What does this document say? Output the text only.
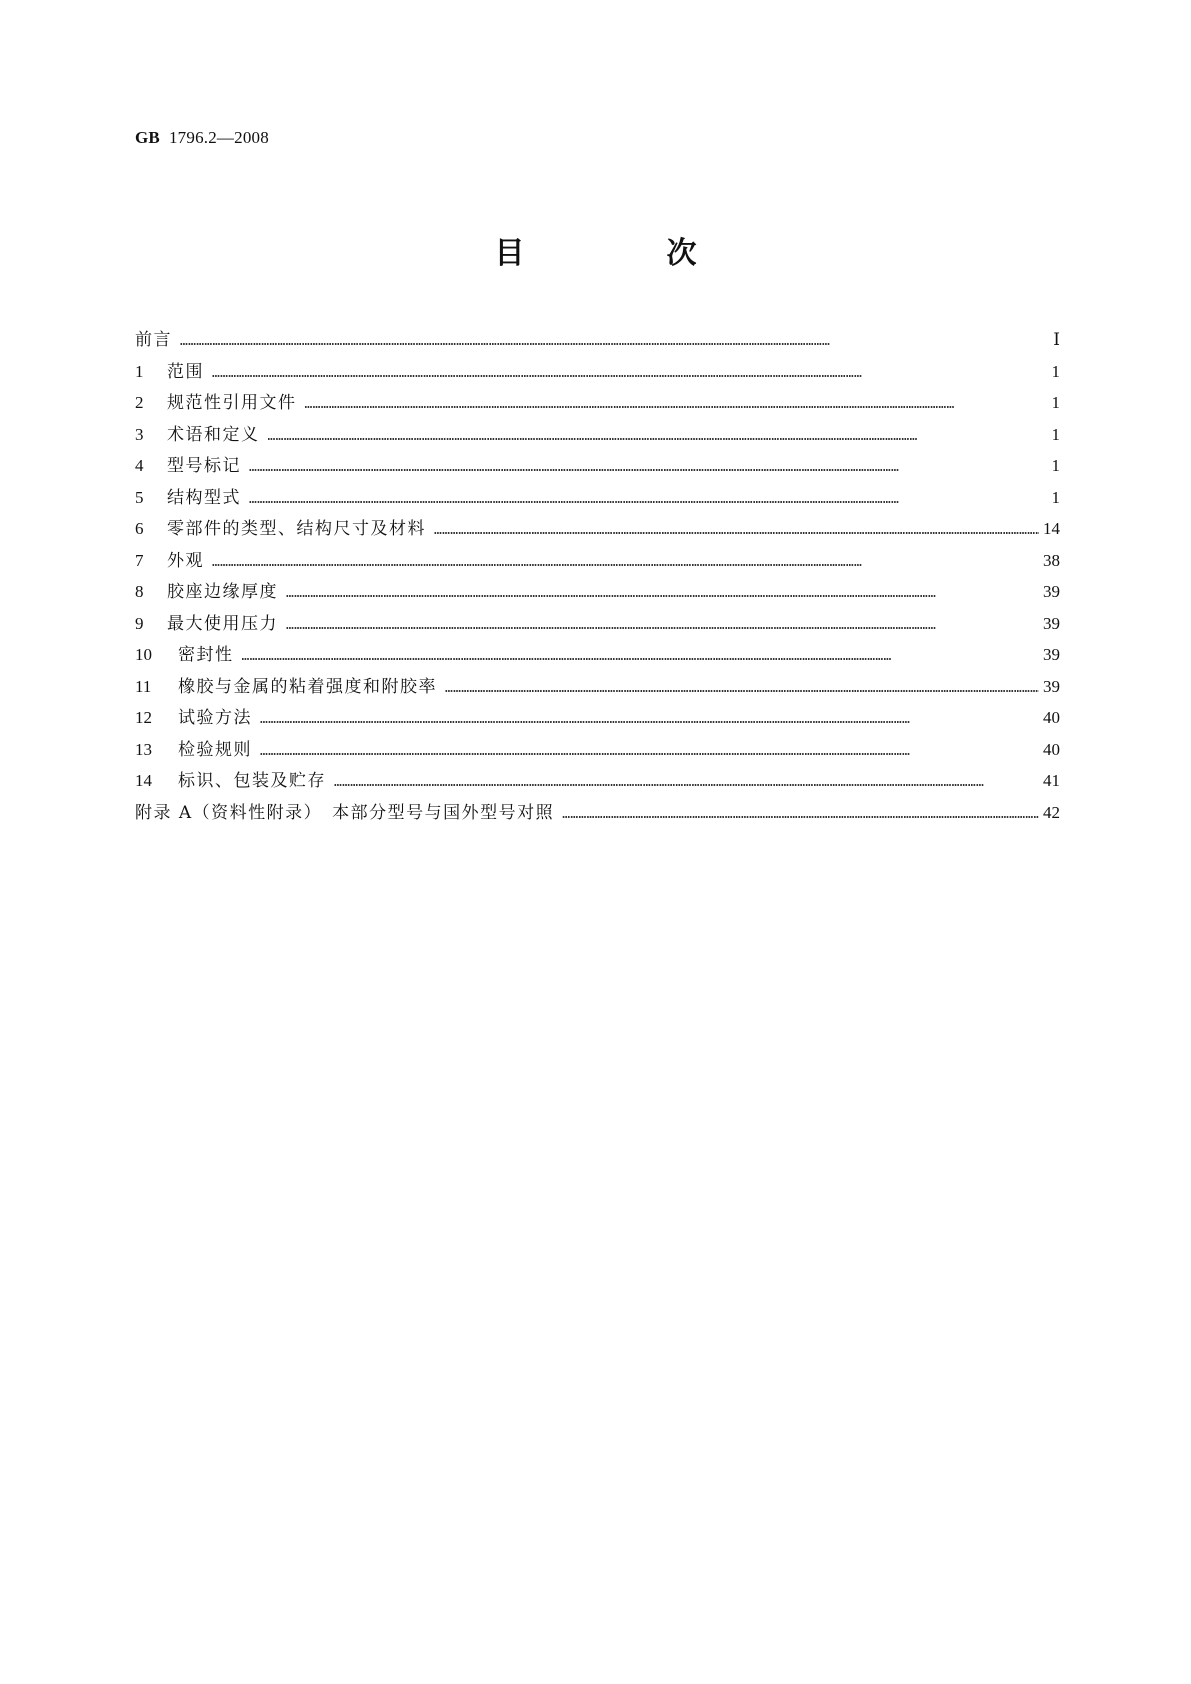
GB 1796.2—2008
目　次
前言 ……………………………………………………………………………………………………………………………………………………………………………………………………………………	Ⅰ
1	范围 ……………………………………………………………………………………………………………………………………………………………………………………………………………………	1
2	规范性引用文件 ……………………………………………………………………………………………………………………………………………………………………………………………………………………	1
3	术语和定义 ……………………………………………………………………………………………………………………………………………………………………………………………………………………	1
4	型号标记 ……………………………………………………………………………………………………………………………………………………………………………………………………………………	1
5	结构型式 ……………………………………………………………………………………………………………………………………………………………………………………………………………………	1
6	零部件的类型、结构尺寸及材料 ……………………………………………………………………………………………………………………………………………………………………………………………………………………	14
7	外观 ……………………………………………………………………………………………………………………………………………………………………………………………………………………	38
8	胶座边缘厚度 ……………………………………………………………………………………………………………………………………………………………………………………………………………………	39
9	最大使用压力 ……………………………………………………………………………………………………………………………………………………………………………………………………………………	39
10	密封性 ……………………………………………………………………………………………………………………………………………………………………………………………………………………	39
11	橡胶与金属的粘着强度和附胶率 ……………………………………………………………………………………………………………………………………………………………………………………………………………………	39
12	试验方法 ……………………………………………………………………………………………………………………………………………………………………………………………………………………	40
13	检验规则 ……………………………………………………………………………………………………………………………………………………………………………………………………………………	40
14	标识、包装及贮存 ……………………………………………………………………………………………………………………………………………………………………………………………………………………	41
附录 A（资料性附录）　本部分型号与国外型号对照 ……………………………………………………………………………………………………………………………………………………………………………………………………………………	42
